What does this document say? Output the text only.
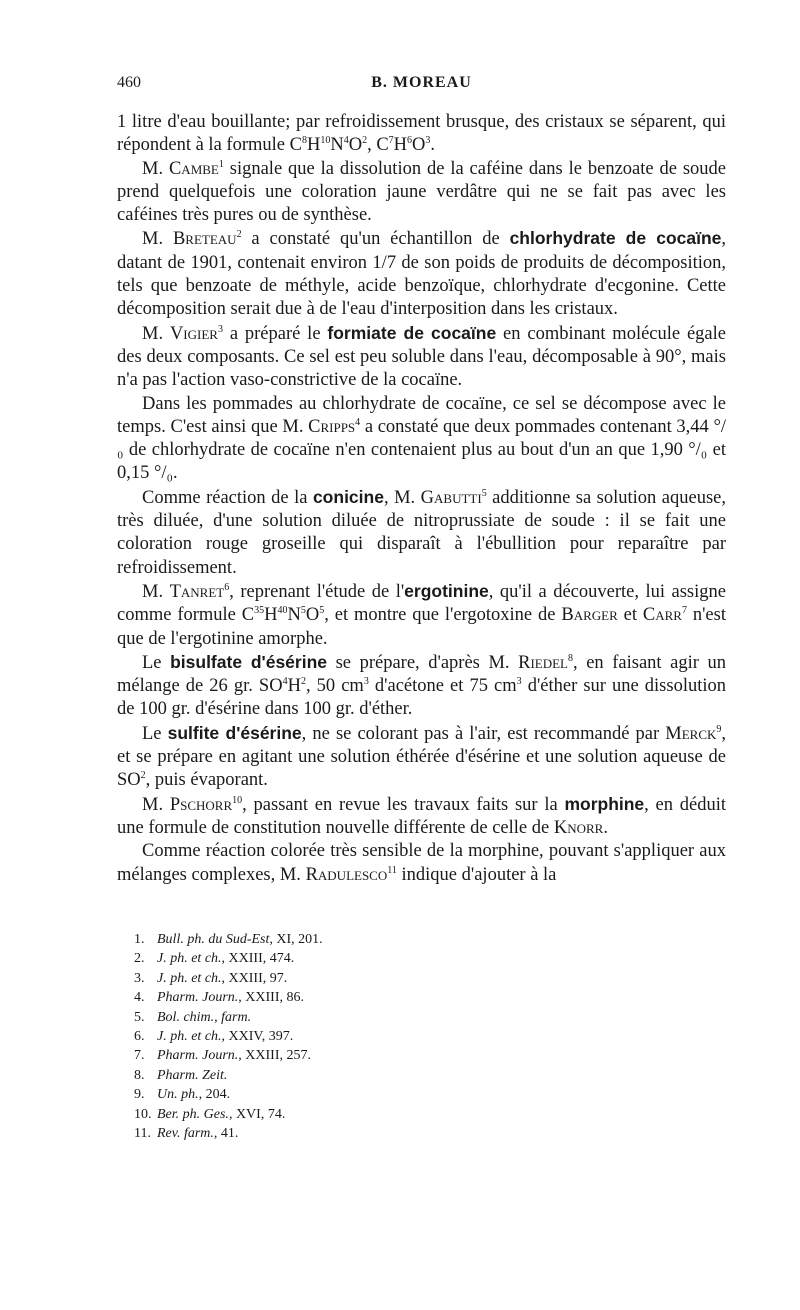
460	B. MOREAU

1 litre d'eau bouillante; par refroidissement brusque, des cristaux se séparent, qui répondent à la formule $C^8H^{10}N^4O^2$, $C^7H^6O^3$.

M. Cambe$^1$ signale que la dissolution de la caféine dans le benzoate de soude prend quelquefois une coloration jaune verdâtre qui ne se fait pas avec les caféines très pures ou de synthèse.

M. Breteau$^2$ a constaté qu'un échantillon de chlorhydrate de cocaïne, datant de 1901, contenait environ 1/7 de son poids de produits de décomposition, tels que benzoate de méthyle, acide benzoïque, chlorhydrate d'ecgonine. Cette décomposition serait due à de l'eau d'interposition dans les cristaux.

M. Vigier$^3$ a préparé le formiate de cocaïne en combinant molécule égale des deux composants. Ce sel est peu soluble dans l'eau, décomposable à 90°, mais n'a pas l'action vaso-constrictive de la cocaïne.

Dans les pommades au chlorhydrate de cocaïne, ce sel se décompose avec le temps. C'est ainsi que M. Cripps$^4$ a constaté que deux pommades contenant 3,44 °/₀ de chlorhydrate de cocaïne n'en contenaient plus au bout d'un an que 1,90 °/₀ et 0,15 °/₀.

Comme réaction de la conicine, M. Gabutti$^5$ additionne sa solution aqueuse, très diluée, d'une solution diluée de nitroprussiate de soude : il se fait une coloration rouge groseille qui disparaît à l'ébullition pour reparaître par refroidissement.

M. Tanret$^6$, reprenant l'étude de l'ergotinine, qu'il a découverte, lui assigne comme formule $C^{35}H^{40}N^5O^5$, et montre que l'ergotoxine de Barger et Carr$^7$ n'est que de l'ergotinine amorphe.

Le bisulfate d'ésérine se prépare, d'après M. Riedel$^8$, en faisant agir un mélange de 26 gr. $SO^4H^2$, 50 $cm^3$ d'acétone et 75 $cm^3$ d'éther sur une dissolution de 100 gr. d'ésérine dans 100 gr. d'éther.

Le sulfite d'ésérine, ne se colorant pas à l'air, est recommandé par Merck$^9$, et se prépare en agitant une solution éthérée d'ésérine et une solution aqueuse de $SO^2$, puis évaporant.

M. Pschorr$^{10}$, passant en revue les travaux faits sur la morphine, en déduit une formule de constitution nouvelle différente de celle de Knorr.

Comme réaction colorée très sensible de la morphine, pouvant s'appliquer aux mélanges complexes, M. Radulesco$^{11}$ indique d'ajouter à la

1. Bull. ph. du Sud-Est, XI, 201.
2. J. ph. et ch., XXIII, 474.
3. J. ph. et ch., XXIII, 97.
4. Pharm. Journ., XXIII, 86.
5. Bol. chim., farm.
6. J. ph. et ch., XXIV, 397.
7. Pharm. Journ., XXIII, 257.
8. Pharm. Zeit.
9. Un. ph., 204.
10. Ber. ph. Ges., XVI, 74.
11. Rev. farm., 41.
